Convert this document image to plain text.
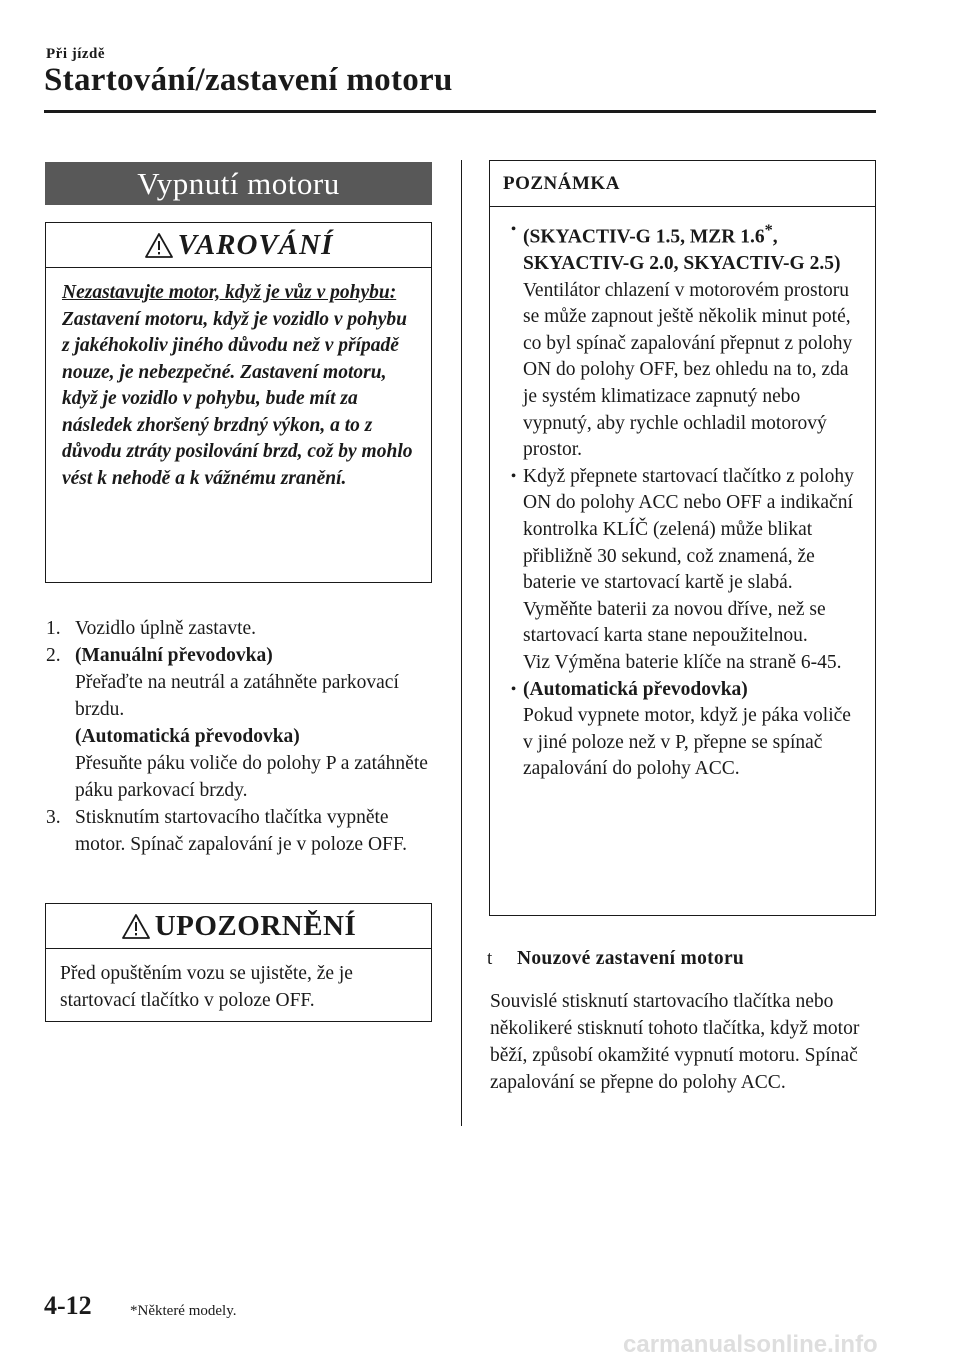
Při jízdě
Startování/zastavení motoru
Vypnutí motoru
VAROVÁNÍ
Nezastavujte motor, když je vůz v pohybu:
Zastavení motoru, když je vozidlo v pohybu z jakéhokoliv jiného důvodu než v případě nouze, je nebezpečné. Zastavení motoru, když je vozidlo v pohybu, bude mít za následek zhoršený brzdný výkon, a to z důvodu ztráty posilování brzd, což by mohlo vést k nehodě a k vážnému zranění.
1. Vozidlo úplně zastavte.
2. (Manuální převodovka)
Přeřaďte na neutrál a zatáhněte parkovací brzdu.
(Automatická převodovka)
Přesuňte páku voliče do polohy P a zatáhněte páku parkovací brzdy.
3. Stisknutím startovacího tlačítka vypněte motor. Spínač zapalování je v poloze OFF.
UPOZORNĚNÍ
Před opuštěním vozu se ujistěte, že je startovací tlačítko v poloze OFF.
POZNÁMKA
• (SKYACTIV-G 1.5, MZR 1.6*, SKYACTIV-G 2.0, SKYACTIV-G 2.5)
Ventilátor chlazení v motorovém prostoru se může zapnout ještě několik minut poté, co byl spínač zapalování přepnut z polohy ON do polohy OFF, bez ohledu na to, zda je systém klimatizace zapnutý nebo vypnutý, aby rychle ochladil motorový prostor.
• Když přepnete startovací tlačítko z polohy ON do polohy ACC nebo OFF a indikační kontrolka KLÍČ (zelená) může blikat přibližně 30 sekund, což znamená, že baterie ve startovací kartě je slabá.
Vyměňte baterii za novou dříve, než se startovací karta stane nepoužitelnou.
Viz Výměna baterie klíče na straně 6-45.
• (Automatická převodovka)
Pokud vypnete motor, když je páka voliče v jiné poloze než v P, přepne se spínač zapalování do polohy ACC.
t	Nouzové zastavení motoru
Souvislé stisknutí startovacího tlačítka nebo několikeré stisknutí tohoto tlačítka, když motor běží, způsobí okamžité vypnutí motoru. Spínač zapalování se přepne do polohy ACC.
4-12	*Některé modely.
carmanualsonline.info
